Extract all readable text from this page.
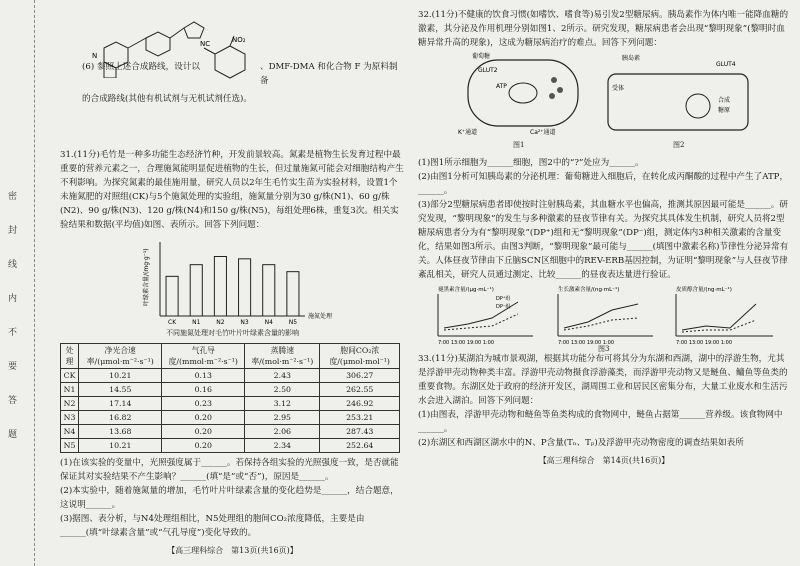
密 封 线 内 不 要 答 题

(6) 参照上述合成路线，设计以

NC	NO₂

、DMF-DMA 和化合物 F 为原料制备

N

的合成路线(其他有机试剂与无机试剂任选)。

31.(11分)毛竹是一种多功能生态经济竹种，开发前景较高。氮素是植物生长发育过程中最重要的营养元素之一，合理施氮能明显促进植物的生长，但过量施氮可能会对细胞结构产生不利影响。为探究氮素的最佳施用量，研究人员以2年生毛竹实生苗为实验材料，设置1个未施氮肥的对照组(CK)与5个施氮处理的实验组，施氮量分别为30 g/株(N1)、60 g/株(N2)、90 g/株(N3)、120 g/株(N4)和150 g/株(N5)，每组处理6株，重复3次。相关实验结果和数据(平均值)如图、表所示。回答下列问题：

叶绿素含量/(mg·g⁻¹)
CK	N1	N2	N3	N4	N5
施氮处理

不同施氮处理对毛竹叶片叶绿素含量的影响

处理	净光合速率/(μmol·m⁻²·s⁻¹)	气孔导度/(mmol·m⁻²·s⁻¹)	蒸腾速率/(mol·m⁻²·s⁻¹)	胞间CO₂浓度/(μmol·mol⁻¹)
CK	10.21	0.13	2.43	306.27
N1	14.55	0.16	2.50	262.55
N2	17.14	0.23	3.12	246.92
N3	16.82	0.20	2.95	253.21
N4	13.68	0.20	2.06	287.43
N5	10.21	0.20	2.34	252.64

(1)在该实验的变量中，光照强度属于______。若保持各组实验的光照强度一致，是否就能保证其对实验结果不产生影响？______(填“是”或“否”)，原因是______。

(2)本实验中，随着施氮量的增加，毛竹叶片叶绿素含量的变化趋势是______，结合题意，这说明______。

(3)据图、表分析，与N4处理组相比，N5处理组的胞间CO₂浓度降低，主要是由______(填“叶绿素含量”或“气孔导度”)变化导致的。

【高三理科综合　第13页(共16页)】

32.(11分)不健康的饮食习惯(如嗜饮、嗜食等)易引发2型糖尿病。胰岛素作为体内唯一能降血糖的激素，其分泌及作用机理分别如图1、2所示。研究发现，糖尿病患者会出现“黎明现象”(黎明时血糖异常升高的现象)，这成为糖尿病治疗的难点。回答下列问题：

葡萄糖
GLUT2
ATP
K⁺通道	Ca²⁺通道
胰岛素
GLUT4
受体
合成
糖原
图1	图2

(1)图1所示细胞为______细胞，图2中的“?”处应为______。

(2)由图1分析可知胰岛素的分泌机理：葡萄糖进入细胞后，在转化成丙酮酸的过程中产生了ATP，______。

(3)部分2型糖尿病患者即使按时注射胰岛素，其血糖水平也偏高，推测其原因最可能是______。研究发现，“黎明现象”的发生与多种激素的昼夜节律有关。为探究其具体发生机制，研究人员将2型糖尿病患者分为有“黎明现象”(DP⁺)组和无“黎明现象”(DP⁻)组，测定体内3种相关激素的含量变化，结果如图3所示。由图3判断，“黎明现象”最可能与______(填图中激素名称)节律性分泌异常有关。人体昼夜节律由下丘脑SCN区细胞中的REV-ERB基因控制，为证明“黎明现象”与人昼夜节律紊乱相关，研究人员通过测定、比较______的昼夜表达量进行验证。

褪黑素含量/(μg·mL⁻¹)
DP⁺组
DP⁻组
7:00 13:00 19:00 1:00
生长激素含量/(ng·mL⁻¹)
7:00 13:00 19:00 1:00
皮质醇含量/(ng·mL⁻¹)
7:00 13:00 19:00 1:00
图3

33.(11分)某湖泊为城市景观湖，根据其功能分布可将其分为东湖和西湖，湖中的浮游生物，尤其是浮游甲壳动物种类丰富。浮游甲壳动物摄食浮游藻类，而浮游甲壳动物又是鲢鱼、鳙鱼等鱼类的重要食物。东湖区处于政府的经济开发区，湖周围工业和居民区密集分布，大量工业废水和生活污水会进入湖泊。回答下列问题：

(1)由图表，浮游甲壳动物和鲢鱼等鱼类构成的食物网中，鲢鱼占据第______营养级。该食物网中______。

(2)东湖区和西湖区湖水中的N、P含量(Tₙ、Tₚ)及浮游甲壳动物密度的调查结果如表所

【高三理科综合　第14页(共16页)】
